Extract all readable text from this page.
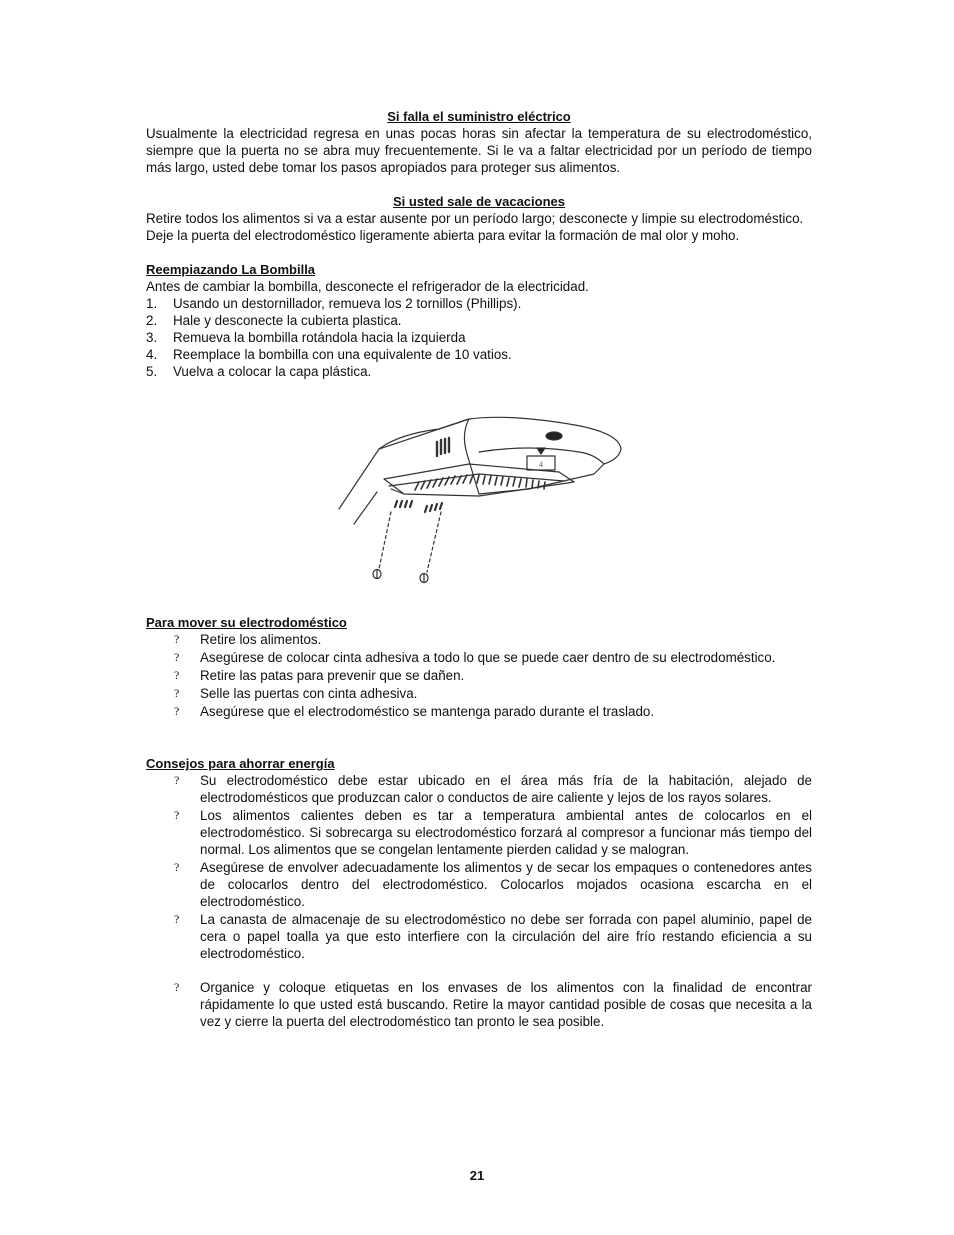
Si falla el suministro eléctrico

Usualmente la electricidad regresa en unas pocas horas sin afectar la temperatura de su electrodoméstico, siempre que la puerta no se abra muy frecuentemente. Si le va a faltar electricidad por un período de tiempo más largo, usted debe tomar los pasos apropiados para proteger sus alimentos.

Si usted sale de vacaciones

Retire todos los alimentos si va a estar ausente por un período largo; desconecte y limpie su electrodoméstico.

Deje la puerta del electrodoméstico ligeramente abierta para evitar la formación de mal olor y moho.

Reempiazando La Bombilla

Antes de cambiar la bombilla, desconecte el refrigerador de la electricidad.

1.	Usando un destornillador, remueva los 2 tornillos (Phillips).
2.	Hale y desconecte la cubierta plastica.
3.	Remueva la bombilla rotándola hacia la izquierda
4.	Reemplace la bombilla con una equivalente de 10 vatios.
5.	Vuelva a colocar la capa plástica.
4

Para mover su electrodoméstico

?	Retire los alimentos.
?	Asegúrese de colocar cinta adhesiva a todo lo que se puede caer dentro de su electrodoméstico.
?	Retire las patas para prevenir que se dañen.
?	Selle las puertas con cinta adhesiva.
?	Asegúrese que el electrodoméstico se mantenga parado durante el traslado.

Consejos para ahorrar energía

?	Su electrodoméstico debe estar ubicado en el área más fría de la habitación, alejado de electrodomésticos que produzcan calor o conductos de aire caliente y lejos de los rayos solares.
?	Los alimentos calientes deben es tar a temperatura ambiental antes de colocarlos en el electrodoméstico. Si sobrecarga su electrodoméstico forzará al compresor a funcionar más tiempo del normal. Los alimentos que se congelan lentamente pierden calidad y se malogran.
?	Asegúrese de envolver adecuadamente los alimentos y de secar los empaques o contenedores antes de colocarlos dentro del electrodoméstico. Colocarlos mojados ocasiona escarcha en el electrodoméstico.
?	La canasta de almacenaje de su electrodoméstico no debe ser forrada con papel aluminio, papel de cera o papel toalla ya que esto interfiere con la circulación del aire frío restando eficiencia a su electrodoméstico.
?	Organice y coloque etiquetas en los envases de los alimentos con la finalidad de encontrar rápidamente lo que usted está buscando. Retire la mayor cantidad posible de cosas que necesita a la vez y cierre la puerta del electrodoméstico tan pronto le sea posible.
21
